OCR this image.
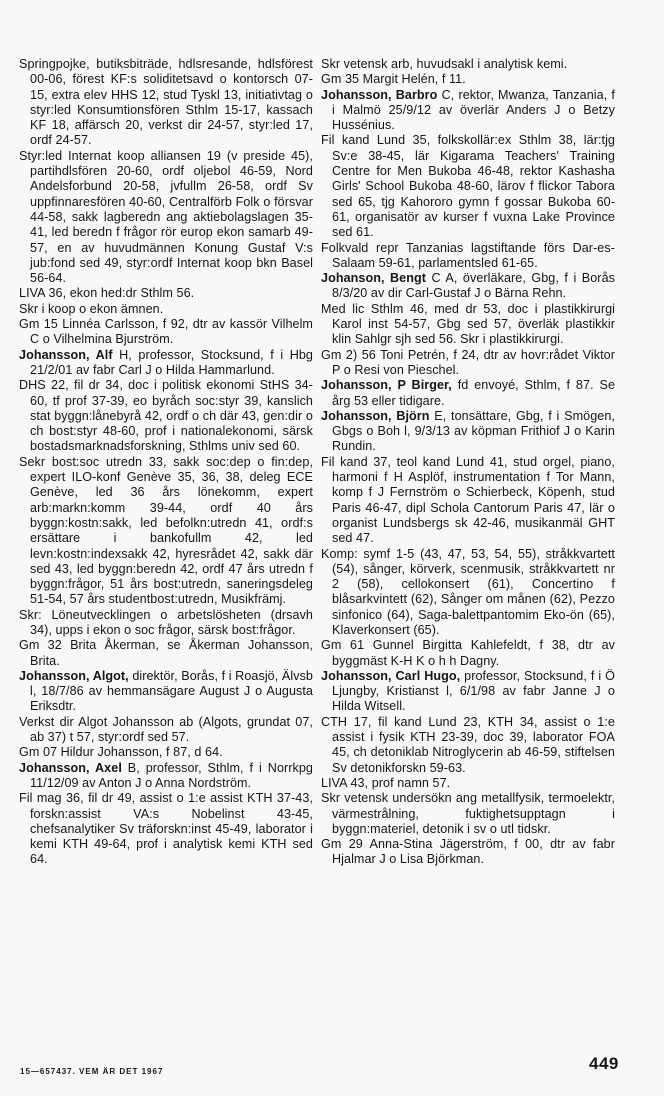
Springpojke, butiksbiträde, hdlsresande, hdlsförest 00-06, förest KF:s soliditetsavd o kontorsch 07-15, extra elev HHS 12, stud Tyskl 13, initiativtag o styr:led Konsumtionsfören Sthlm 15-17, kassach KF 18, affärsch 20, verkst dir 24-57, styr:led 17, ordf 24-57.

Styr:led Internat koop alliansen 19 (v preside 45), partihdlsfören 20-60, ordf oljebol 46-59, Nord Andelsforbund 20-58, jvfullm 26-58, ordf Sv uppfinnaresfören 40-60, Centralförb Folk o försvar 44-58, sakk lagberedn ang aktiebolagslagen 35-41, led beredn f frågor rör europ ekon samarb 49-57, en av huvudmännen Konung Gustaf V:s jub:fond sed 49, styr:ordf Internat koop bkn Basel 56-64.

LIVA 36, ekon hed:dr Sthlm 56.

Skr i koop o ekon ämnen.

Gm 15 Linnéa Carlsson, f 92, dtr av kassör Vilhelm C o Vilhelmina Bjurström.

Johansson, Alf H, professor, Stocksund, f i Hbg 21/2/01 av fabr Carl J o Hilda Hammarlund.

DHS 22, fil dr 34, doc i politisk ekonomi StHS 34-60, tf prof 37-39, eo byråch soc:styr 39, kanslich stat byggn:lånebyrå 42, ordf o ch där 43, gen:dir o ch bost:styr 48-60, prof i nationalekonomi, särsk bostadsmarknadsforskning, Sthlms univ sed 60.

Sekr bost:soc utredn 33, sakk soc:dep o fin:dep, expert ILO-konf Genève 35, 36, 38, deleg ECE Genève, led 36 års lönekomm, expert arb:markn:komm 39-44, ordf 40 års byggn:kostn:sakk, led befolkn:utredn 41, ordf:s ersättare i bankofullm 42, led levn:kostn:indexsakk 42, hyresrådet 42, sakk där sed 43, led byggn:beredn 42, ordf 47 års utredn f byggn:frågor, 51 års bost:utredn, saneringsdeleg 51-54, 57 års studentbost:utredn, Musikfrämj.

Skr: Löneutvecklingen o arbetslösheten (drsavh 34), upps i ekon o soc frågor, särsk bost:frågor.

Gm 32 Brita Åkerman, se Åkerman Johansson, Brita.

Johansson, Algot, direktör, Borås, f i Roasjö, Älvsb l, 18/7/86 av hemmansägare August J o Augusta Eriksdtr.

Verkst dir Algot Johansson ab (Algots, grundat 07, ab 37) t 57, styr:ordf sed 57.

Gm 07 Hildur Johansson, f 87, d 64.

Johansson, Axel B, professor, Sthlm, f i Norrkpg 11/12/09 av Anton J o Anna Nordström.

Fil mag 36, fil dr 49, assist o 1:e assist KTH 37-43, forskn:assist VA:s Nobelinst 43-45, chefsanalytiker Sv träforskn:inst 45-49, laborator i kemi KTH 49-64, prof i analytisk kemi KTH sed 64.

Skr vetensk arb, huvudsakl i analytisk kemi.

Gm 35 Margit Helén, f 11.

Johansson, Barbro C, rektor, Mwanza, Tanzania, f i Malmö 25/9/12 av överlär Anders J o Betzy Hussénius.

Fil kand Lund 35, folkskollär:ex Sthlm 38, lär:tjg Sv:e 38-45, lär Kigarama Teachers' Training Centre for Men Bukoba 46-48, rektor Kashasha Girls' School Bukoba 48-60, lärov f flickor Tabora sed 65, tjg Kahororo gymn f gossar Bukoba 60-61, organisatör av kurser f vuxna Lake Province sed 61.

Folkvald repr Tanzanias lagstiftande förs Dar-es-Salaam 59-61, parlamentsled 61-65.

Johanson, Bengt C A, överläkare, Gbg, f i Borås 8/3/20 av dir Carl-Gustaf J o Bärna Rehn.

Med lic Sthlm 46, med dr 53, doc i plastikkirurgi Karol inst 54-57, Gbg sed 57, överläk plastikkir klin Sahlgr sjh sed 56. Skr i plastikkirurgi.

Gm 2) 56 Toni Petrén, f 24, dtr av hovr:rådet Viktor P o Resi von Pieschel.

Johansson, P Birger, fd envoyé, Sthlm, f 87. Se årg 53 eller tidigare.

Johansson, Björn E, tonsättare, Gbg, f i Smögen, Gbgs o Boh l, 9/3/13 av köpman Frithiof J o Karin Rundin.

Fil kand 37, teol kand Lund 41, stud orgel, piano, harmoni f H Asplöf, instrumentation f Tor Mann, komp f J Fernström o Schierbeck, Köpenh, stud Paris 46-47, dipl Schola Cantorum Paris 47, lär o organist Lundsbergs sk 42-46, musikanmäl GHT sed 47.

Komp: symf 1-5 (43, 47, 53, 54, 55), stråkkvartett (54), sånger, körverk, scenmusik, stråkkvartett nr 2 (58), cellokonsert (61), Concertino f blåsarkvintett (62), Sånger om månen (62), Pezzo sinfonico (64), Saga-balettpantomim Eko-ön (65), Klaverkonsert (65).

Gm 61 Gunnel Birgitta Kahlefeldt, f 38, dtr av byggmäst K-H K o h h Dagny.

Johansson, Carl Hugo, professor, Stocksund, f i Ö Ljungby, Kristianst l, 6/1/98 av fabr Janne J o Hilda Witsell.

CTH 17, fil kand Lund 23, KTH 34, assist o 1:e assist i fysik KTH 23-39, doc 39, laborator FOA 45, ch detoniklab Nitroglycerin ab 46-59, stiftelsen Sv detonikforskn 59-63.

LIVA 43, prof namn 57.

Skr vetensk undersökn ang metallfysik, termoelektr, värmestrålning, fuktighetsupptagn i byggn:materiel, detonik i sv o utl tidskr.

Gm 29 Anna-Stina Jägerström, f 00, dtr av fabr Hjalmar J o Lisa Björkman.

15—657437. VEM ÄR DET 1967	449
